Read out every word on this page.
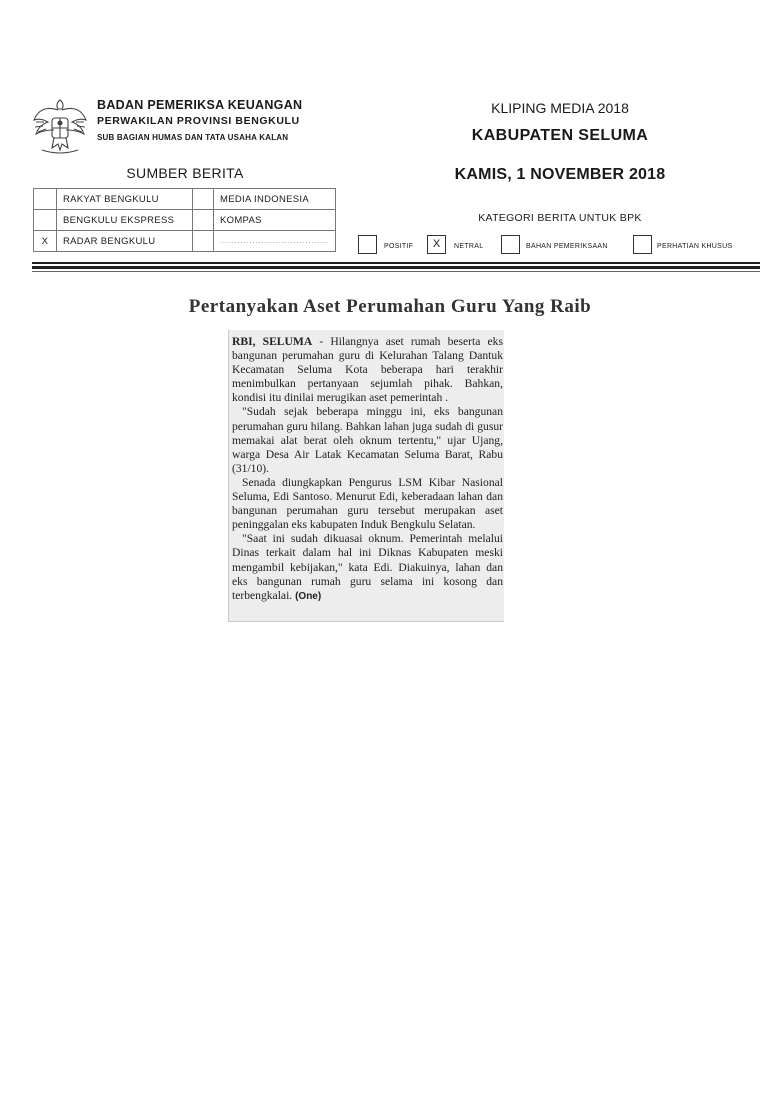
BADAN PEMERIKSA KEUANGAN
PERWAKILAN PROVINSI BENGKULU
SUB BAGIAN HUMAS DAN TATA USAHA KALAN
KLIPING MEDIA 2018
KABUPATEN SELUMA
KAMIS, 1 NOVEMBER 2018
KATEGORI BERITA UNTUK BPK
SUMBER BERITA
	RAKYAT BENGKULU		MEDIA INDONESIA
	BENGKULU EKSPRESS		KOMPAS
X	RADAR BENGKULU		.....................................
POSITIF	X	NETRAL	BAHAN PEMERIKSAAN	PERHATIAN KHUSUS
Pertanyakan Aset Perumahan Guru Yang Raib

RBI, SELUMA - Hilangnya aset rumah beserta eks bangunan perumahan guru di Kelurahan Talang Dantuk Kecamatan Seluma Kota beberapa hari terakhir menimbulkan pertanyaan sejumlah pihak. Bahkan, kondisi itu dinilai merugikan aset pemerintah .

"Sudah sejak beberapa minggu ini, eks bangunan perumahan guru hilang. Bahkan lahan juga sudah di gusur memakai alat berat oleh oknum tertentu," ujar Ujang, warga Desa Air Latak Kecamatan Seluma Barat, Rabu (31/10).

Senada diungkapkan Pengurus LSM Kibar Nasional Seluma, Edi Santoso. Menurut Edi, keberadaan lahan dan bangunan perumahan guru tersebut merupakan aset peninggalan eks kabupaten Induk Bengkulu Selatan.

"Saat ini sudah dikuasai oknum. Pemerintah melalui Dinas terkait dalam hal ini Diknas Kabupaten meski mengambil kebijakan," kata Edi. Diakuinya, lahan dan eks bangunan rumah guru selama ini kosong dan terbengkalai. (One)
